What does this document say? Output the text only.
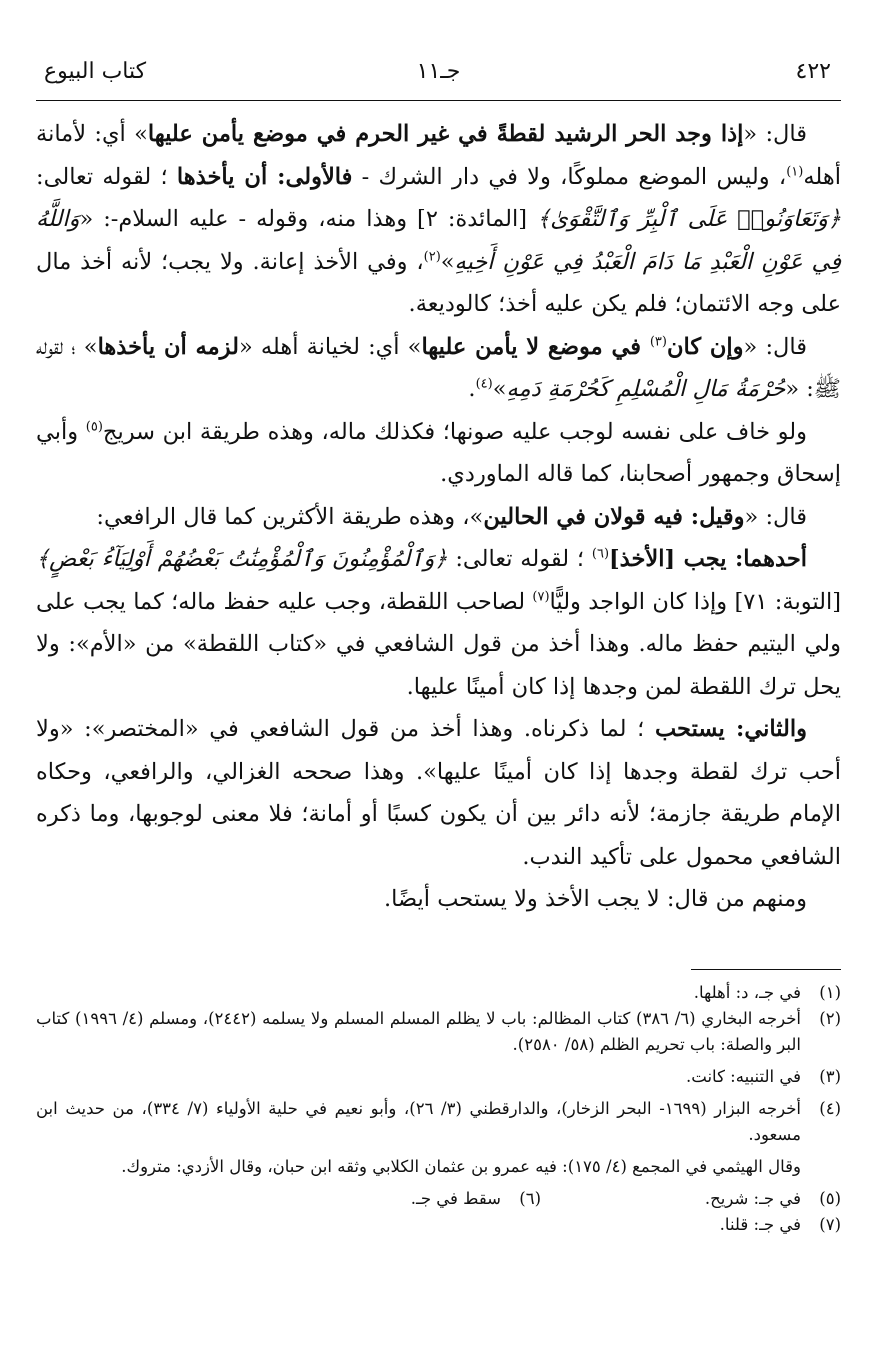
٤٢٢
جـ١١
كتاب البيوع

قال: «إذا وجد الحر الرشيد لقطةً في غير الحرم في موضع يأمن عليها» أي: لأمانة أهله$^{(١)}$، وليس الموضع مملوكًا، ولا في دار الشرك - فالأولى: أن يأخذها ؛ لقوله تعالى: ﴿وَتَعَاوَنُوا۟ عَلَى ٱلْبِرِّ وَٱلتَّقْوَىٰ﴾ [المائدة: ٢] وهذا منه، وقوله - عليه السلام-: «وَاللَّهُ فِي عَوْنِ الْعَبْدِ مَا دَامَ الْعَبْدُ فِي عَوْنِ أَخِيهِ»$^{(٢)}$، وفي الأخذ إعانة. ولا يجب؛ لأنه أخذ مال على وجه الائتمان؛ فلم يكن عليه أخذ؛ كالوديعة.

قال: «وإن كان$^{(٣)}$ في موضع لا يأمن عليها» أي: لخيانة أهله «لزمه أن يأخذها» ؛ لقوله ﷺ: «حُرْمَةُ مَالِ الْمُسْلِمِ كَحُرْمَةِ دَمِهِ»$^{(٤)}$.

ولو خاف على نفسه لوجب عليه صونها؛ فكذلك ماله، وهذه طريقة ابن سريج$^{(٥)}$ وأبي إسحاق وجمهور أصحابنا، كما قاله الماوردي.

قال: «وقيل: فيه قولان في الحالين»، وهذه طريقة الأكثرين كما قال الرافعي:

أحدهما: يجب [الأخذ]$^{(٦)}$ ؛ لقوله تعالى: ﴿وَٱلْمُؤْمِنُونَ وَٱلْمُؤْمِنَٰتُ بَعْضُهُمْ أَوْلِيَآءُ بَعْضٍ﴾ [التوبة: ٧١] وإذا كان الواجد وليًّا$^{(٧)}$ لصاحب اللقطة، وجب عليه حفظ ماله؛ كما يجب على ولي اليتيم حفظ ماله. وهذا أخذ من قول الشافعي في «كتاب اللقطة» من «الأم»: ولا يحل ترك اللقطة لمن وجدها إذا كان أمينًا عليها.

والثاني: يستحب ؛ لما ذكرناه. وهذا أخذ من قول الشافعي في «المختصر»: «ولا أحب ترك لقطة وجدها إذا كان أمينًا عليها». وهذا صححه الغزالي، والرافعي، وحكاه الإمام طريقة جازمة؛ لأنه دائر بين أن يكون كسبًا أو أمانة؛ فلا معنى لوجوبها، وما ذكره الشافعي محمول على تأكيد الندب.

ومنهم من قال: لا يجب الأخذ ولا يستحب أيضًا.

(١)
في جـ، د: أهلها.
(٢)
أخرجه البخاري (٦/ ٣٨٦) كتاب المظالم: باب لا يظلم المسلم المسلم ولا يسلمه (٢٤٤٢)، ومسلم (٤/ ١٩٩٦) كتاب البر والصلة: باب تحريم الظلم (٥٨/ ٢٥٨٠).
(٣)
في التنبيه: كانت.
(٤)
أخرجه البزار (١٦٩٩- البحر الزخار)، والدارقطني (٣/ ٢٦)، وأبو نعيم في حلية الأولياء (٧/ ٣٣٤)، من حديث ابن مسعود.
وقال الهيثمي في المجمع (٤/ ١٧٥): فيه عمرو بن عثمان الكلابي وثقه ابن حبان، وقال الأزدي: متروك.
(٥)
في جـ: شريح.
(٦)
سقط في جـ.
(٧)
في جـ: قلنا.
